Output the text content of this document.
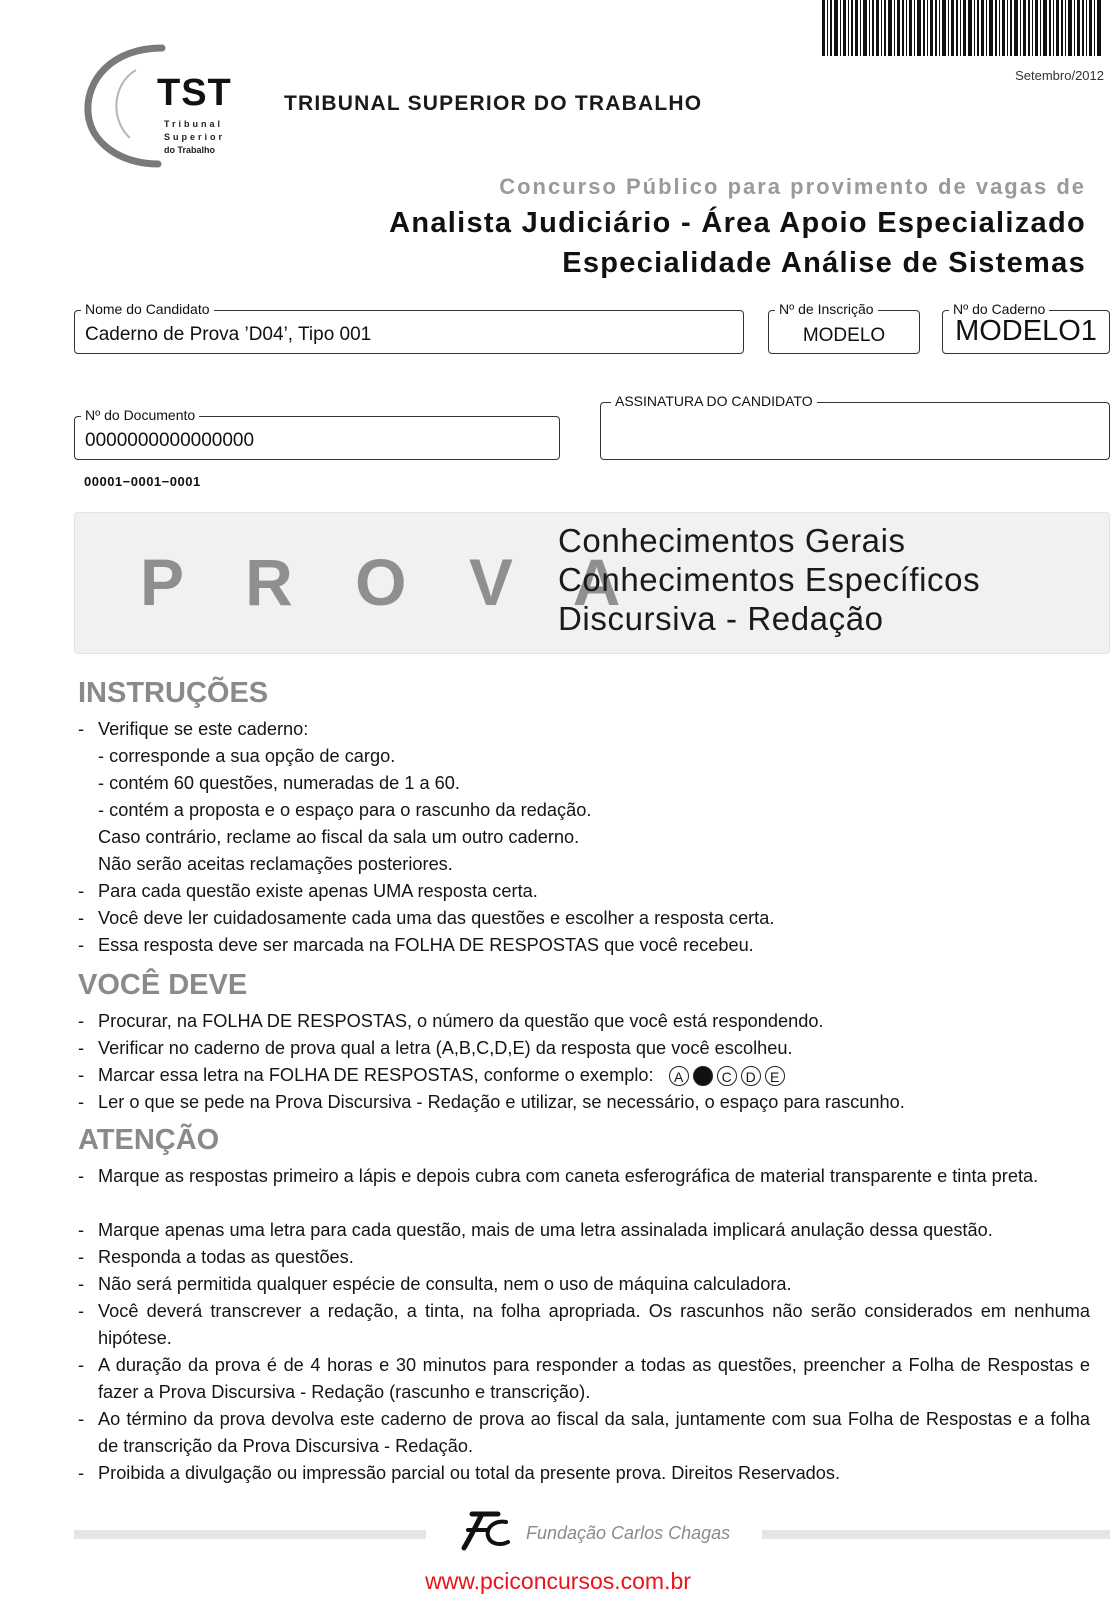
Setembro/2012
TST
Tribunal
Superior
do Trabalho
TRIBUNAL SUPERIOR DO TRABALHO
Concurso Público para provimento de vagas de
Analista Judiciário - Área Apoio Especializado
Especialidade Análise de Sistemas
Nome do Candidato
Caderno de Prova ’D04’, Tipo 001
Nº de Inscrição
MODELO
Nº do Caderno
MODELO1
Nº do Documento
0000000000000000
ASSINATURA DO CANDIDATO
00001−0001−0001
P R O V A
Conhecimentos Gerais
Conhecimentos Específicos
Discursiva - Redação
INSTRUÇÕES
- Verifique se este caderno:
- corresponde a sua opção de cargo.
- contém 60 questões, numeradas de 1 a 60.
- contém a proposta e o espaço para o rascunho da redação.
Caso contrário, reclame ao fiscal da sala um outro caderno.
Não serão aceitas reclamações posteriores.
- Para cada questão existe apenas UMA resposta certa.
- Você deve ler cuidadosamente cada uma das questões e escolher a resposta certa.
- Essa resposta deve ser marcada na FOLHA DE RESPOSTAS que você recebeu.
VOCÊ DEVE
- Procurar, na FOLHA DE RESPOSTAS, o número da questão que você está respondendo.
- Verificar no caderno de prova qual a letra (A,B,C,D,E) da resposta que você escolheu.
- Marcar essa letra na FOLHA DE RESPOSTAS, conforme o exemplo: A	C D E
- Ler o que se pede na Prova Discursiva - Redação e utilizar, se necessário, o espaço para rascunho.
ATENÇÃO
- Marque as respostas primeiro a lápis e depois cubra com caneta esferográfica de material transparente e tinta preta.
- Marque apenas uma letra para cada questão, mais de uma letra assinalada implicará anulação dessa questão.
- Responda a todas as questões.
- Não será permitida qualquer espécie de consulta, nem o uso de máquina calculadora.
- Você deverá transcrever a redação, a tinta, na folha apropriada. Os rascunhos não serão considerados em nenhuma hipótese.
- A duração da prova é de 4 horas e 30 minutos para responder a todas as questões, preencher a Folha de Respostas e fazer a Prova Discursiva - Redação (rascunho e transcrição).
- Ao término da prova devolva este caderno de prova ao fiscal da sala, juntamente com sua Folha de Respostas e a folha de transcrição da Prova Discursiva - Redação.
- Proibida a divulgação ou impressão parcial ou total da presente prova. Direitos Reservados.
Fundação Carlos Chagas
www.pciconcursos.com.br
